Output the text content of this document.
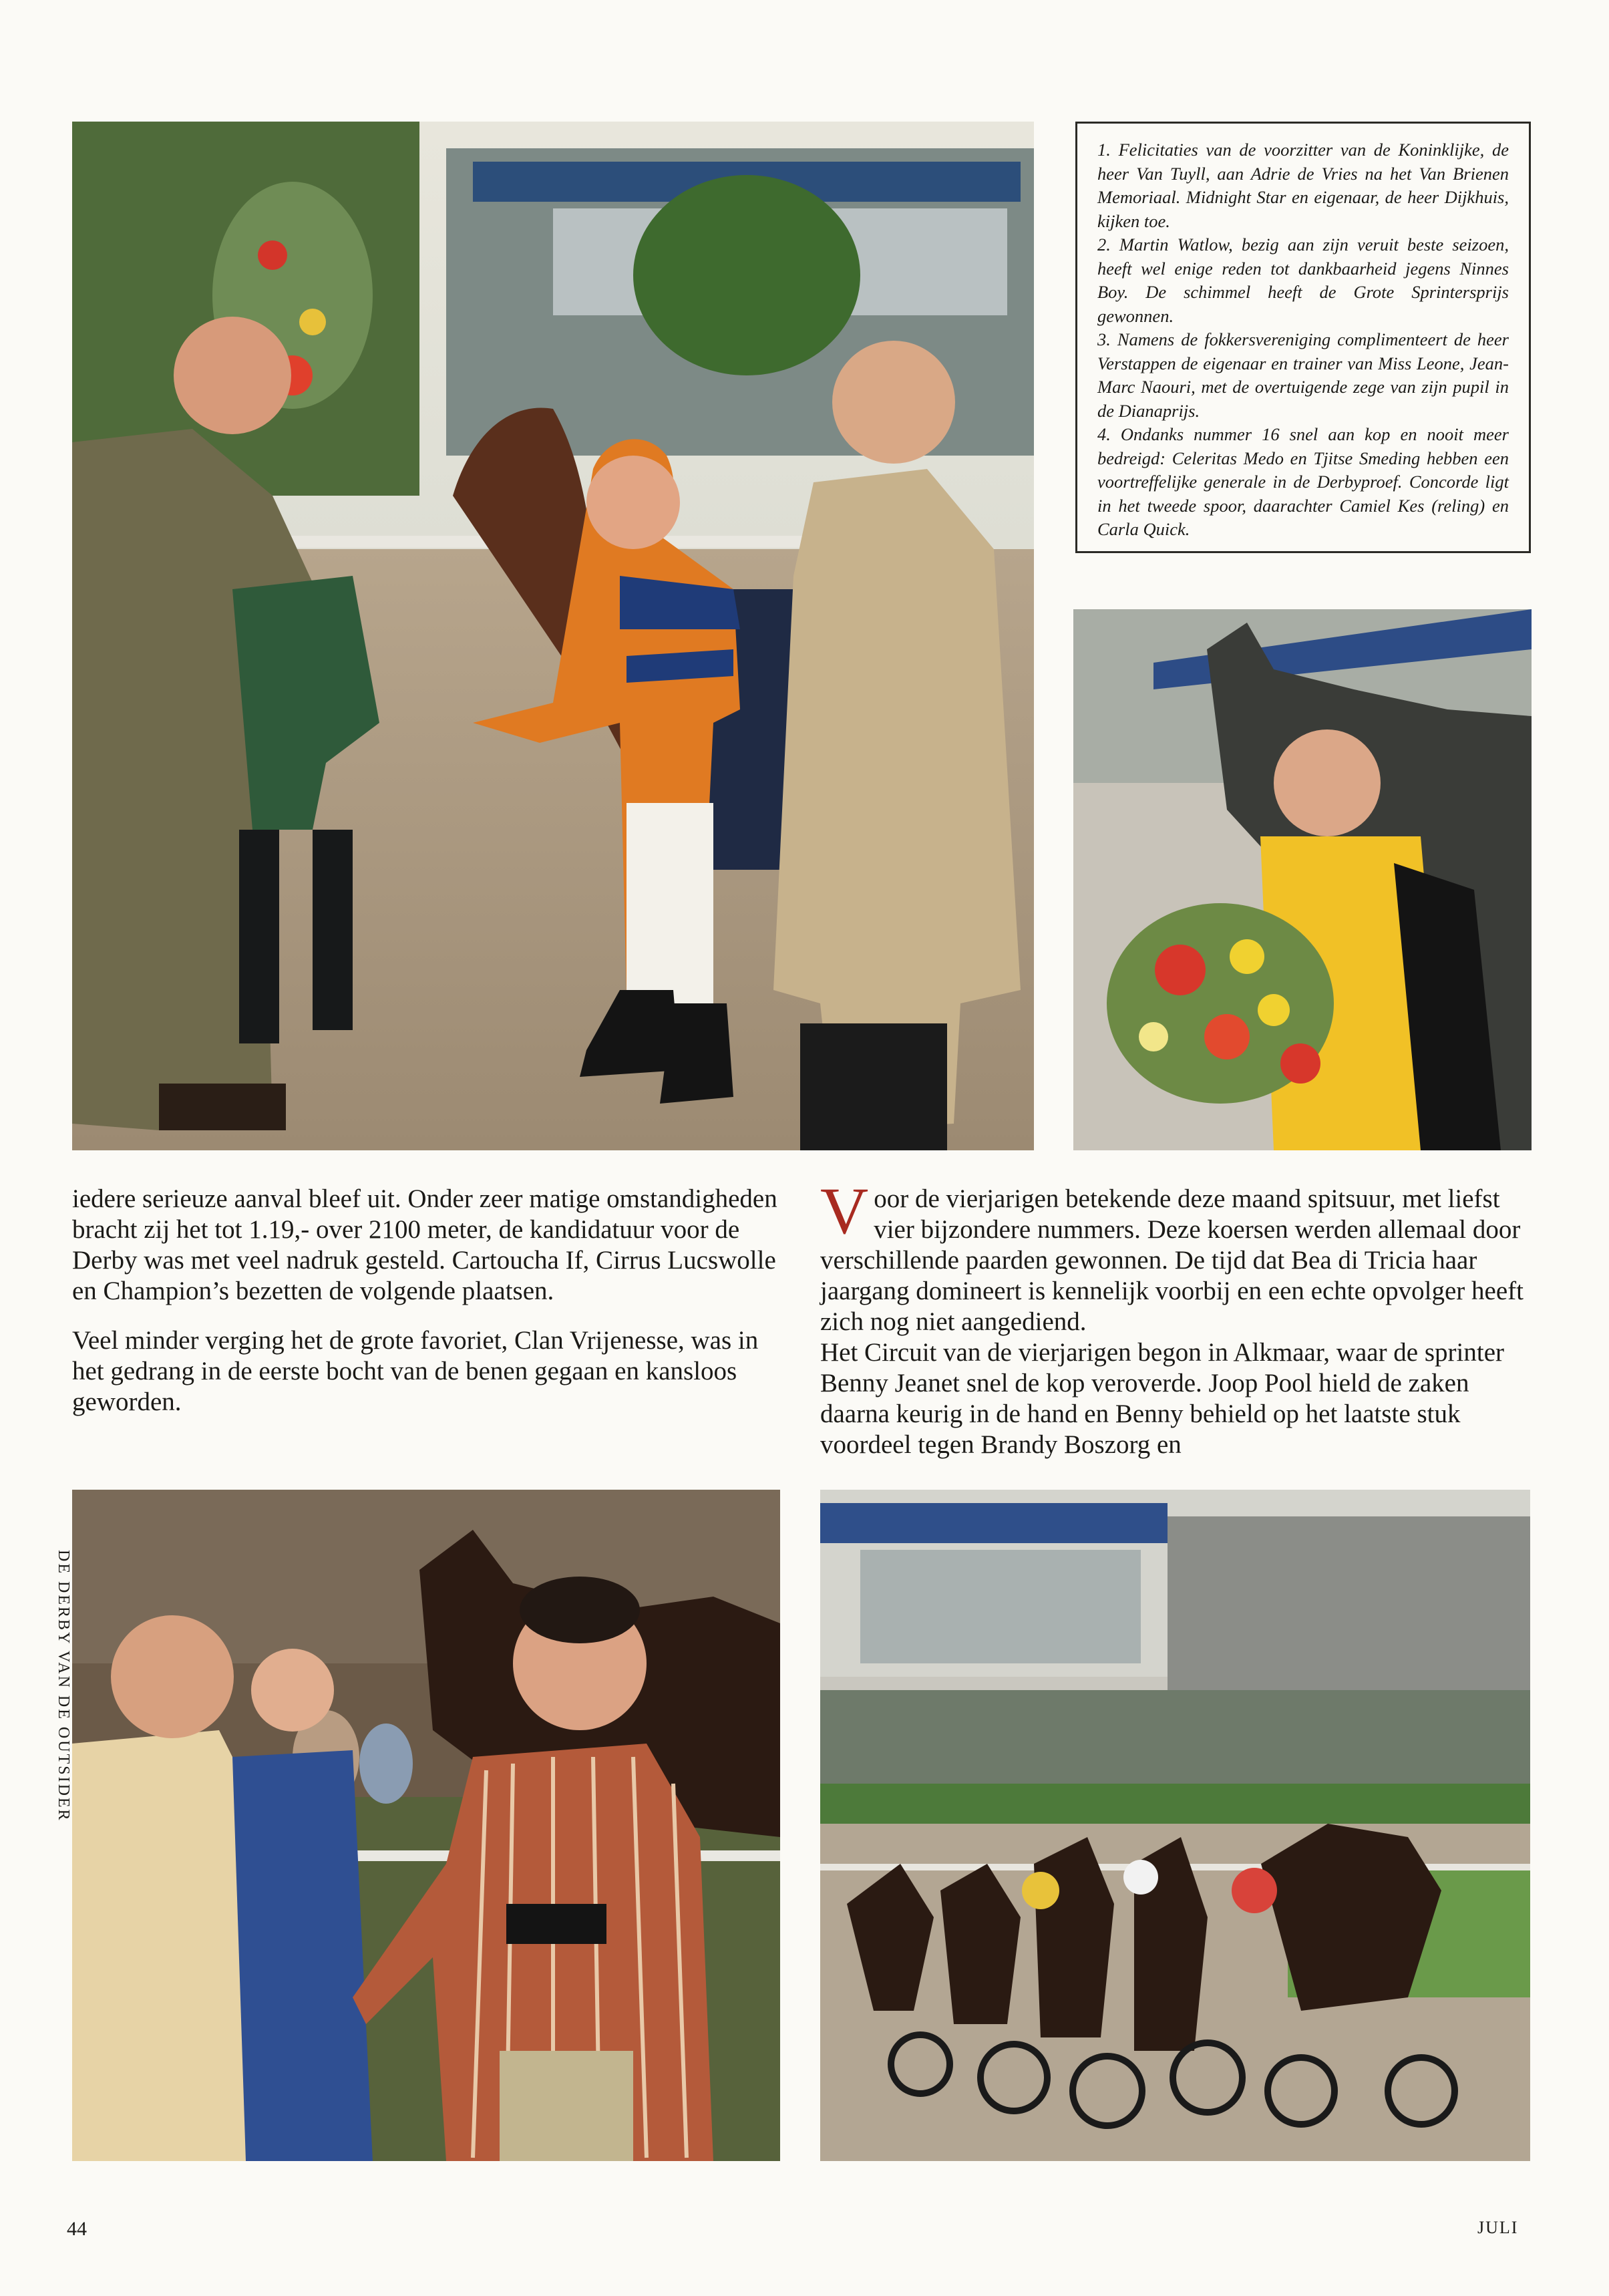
1. Felicitaties van de voorzitter van de Koninklijke, de heer Van Tuyll, aan Adrie de Vries na het Van Brienen Memoriaal. Midnight Star en eigenaar, de heer Dijkhuis, kijken toe.

2. Martin Watlow, bezig aan zijn veruit beste seizoen, heeft wel enige reden tot dankbaarheid jegens Ninnes Boy. De schimmel heeft de Grote Sprintersprijs gewonnen.

3. Namens de fokkersvereniging complimenteert de heer Verstappen de eigenaar en trainer van Miss Leone, Jean-Marc Naouri, met de overtuigende zege van zijn pupil in de Dianaprijs.

4. Ondanks nummer 16 snel aan kop en nooit meer bedreigd: Celeritas Medo en Tjitse Smeding hebben een voortreffelijke generale in de Derbyproef. Concorde ligt in het tweede spoor, daarachter Camiel Kes (reling) en Carla Quick.

iedere serieuze aanval bleef uit. Onder zeer matige omstandigheden bracht zij het tot 1.19,- over 2100 meter, de kandidatuur voor de Derby was met veel nadruk gesteld. Cartoucha If, Cirrus Lucswolle en Champion’s bezetten de volgende plaatsen.

Veel minder verging het de grote favoriet, Clan Vrijenesse, was in het gedrang in de eerste bocht van de benen gegaan en kansloos geworden.

Voor de vierjarigen betekende deze maand spitsuur, met liefst vier bijzondere nummers. Deze koersen werden allemaal door verschillende paarden gewonnen. De tijd dat Bea di Tricia haar jaargang domineert is kennelijk voorbij en een echte opvolger heeft zich nog niet aangediend.
Het Circuit van de vierjarigen begon in Alkmaar, waar de sprinter Benny Jeanet snel de kop veroverde. Joop Pool hield de zaken daarna keurig in de hand en Benny behield op het laatste stuk voordeel tegen Brandy Boszorg en

DE DERBY VAN DE OUTSIDER
44	JULI
